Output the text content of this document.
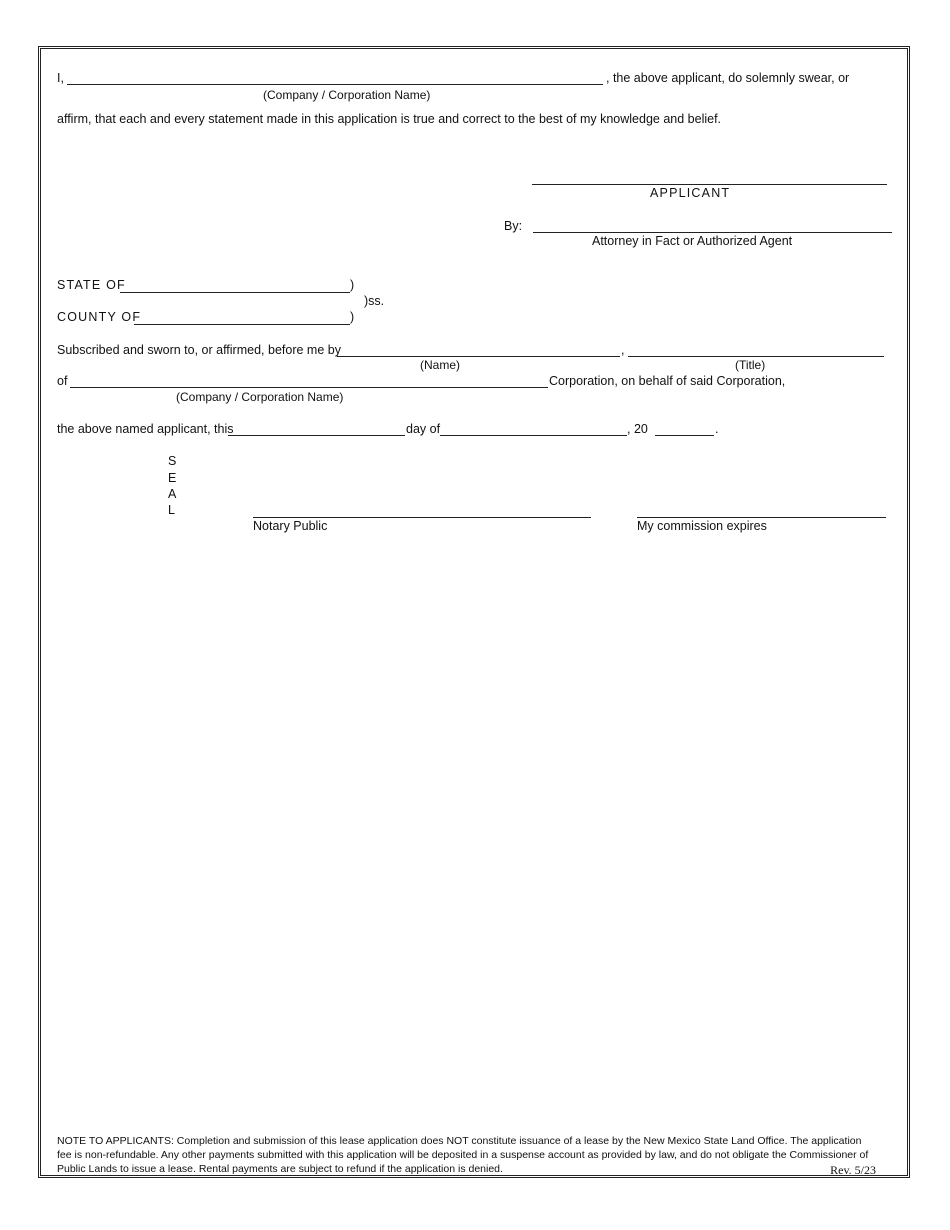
I,	, the above applicant, do solemnly swear, or
(Company / Corporation Name)
affirm, that each and every statement made in this application is true and correct to the best of my knowledge and belief.
APPLICANT
By:
Attorney in Fact or Authorized Agent
STATE OF	)
)ss.
COUNTY OF	)
Subscribed and sworn to, or affirmed, before me by	,
(Name)	(Title)
of	Corporation, on behalf of said Corporation,
(Company / Corporation Name)
the above named applicant, this	day of	, 20	.
S
E
A
L
Notary Public	My commission expires
NOTE TO APPLICANTS: Completion and submission of this lease application does NOT constitute issuance of a lease by the New Mexico State Land Office. The application fee is non-refundable. Any other payments submitted with this application will be deposited in a suspense account as provided by law, and do not obligate the Commissioner of Public Lands to issue a lease. Rental payments are subject to refund if the application is denied.	Rev. 5/23
